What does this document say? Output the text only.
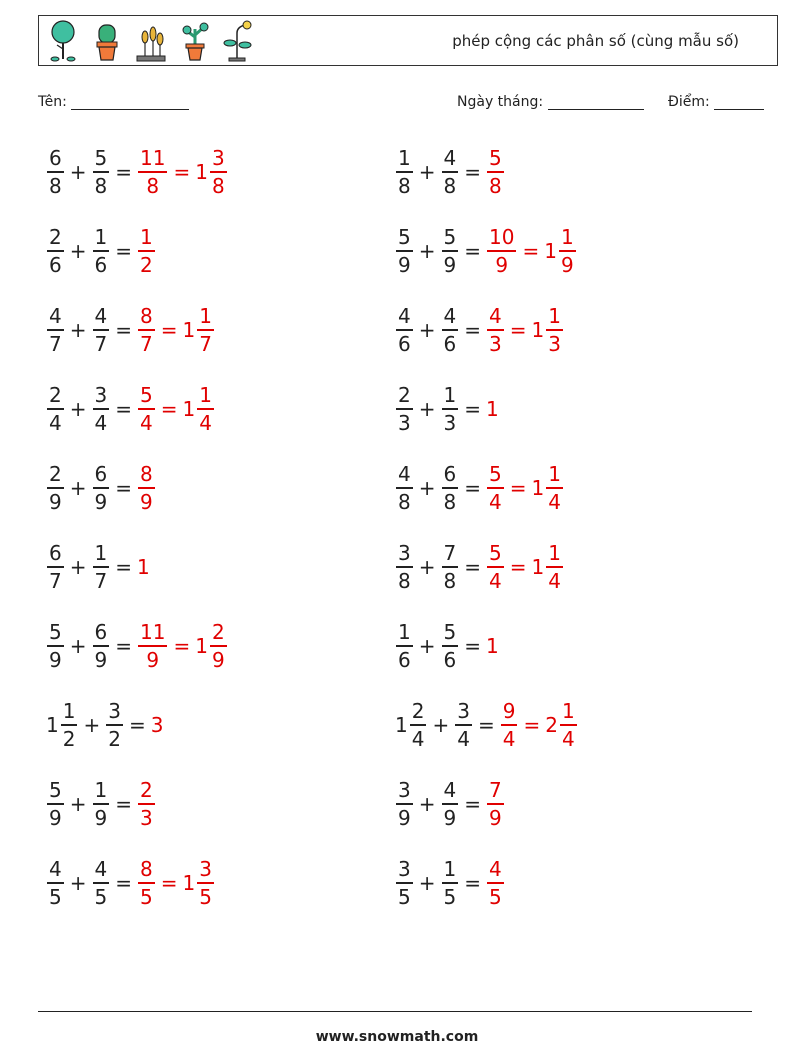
phép cộng các phân số (cùng mẫu số)
Tên:	Ngày tháng:	Điểm:
$\frac{6}{8} + \frac{5}{8} = \frac{11}{8} = 1 \frac{3}{8}$	$\frac{1}{8} + \frac{4}{8} = \frac{5}{8}$
$\frac{2}{6} + \frac{1}{6} = \frac{1}{2}$	$\frac{5}{9} + \frac{5}{9} = \frac{10}{9} = 1 \frac{1}{9}$
$\frac{4}{7} + \frac{4}{7} = \frac{8}{7} = 1 \frac{1}{7}$	$\frac{4}{6} + \frac{4}{6} = \frac{4}{3} = 1 \frac{1}{3}$
$\frac{2}{4} + \frac{3}{4} = \frac{5}{4} = 1 \frac{1}{4}$	$\frac{2}{3} + \frac{1}{3} = 1$
$\frac{2}{9} + \frac{6}{9} = \frac{8}{9}$	$\frac{4}{8} + \frac{6}{8} = \frac{5}{4} = 1 \frac{1}{4}$
$\frac{6}{7} + \frac{1}{7} = 1$	$\frac{3}{8} + \frac{7}{8} = \frac{5}{4} = 1 \frac{1}{4}$
$\frac{5}{9} + \frac{6}{9} = \frac{11}{9} = 1 \frac{2}{9}$	$\frac{1}{6} + \frac{5}{6} = 1$
$1 \frac{1}{2} + \frac{3}{2} = 3$	$1 \frac{2}{4} + \frac{3}{4} = \frac{9}{4} = 2 \frac{1}{4}$
$\frac{5}{9} + \frac{1}{9} = \frac{2}{3}$	$\frac{3}{9} + \frac{4}{9} = \frac{7}{9}$
$\frac{4}{5} + \frac{4}{5} = \frac{8}{5} = 1 \frac{3}{5}$	$\frac{3}{5} + \frac{1}{5} = \frac{4}{5}$
www.snowmath.com
